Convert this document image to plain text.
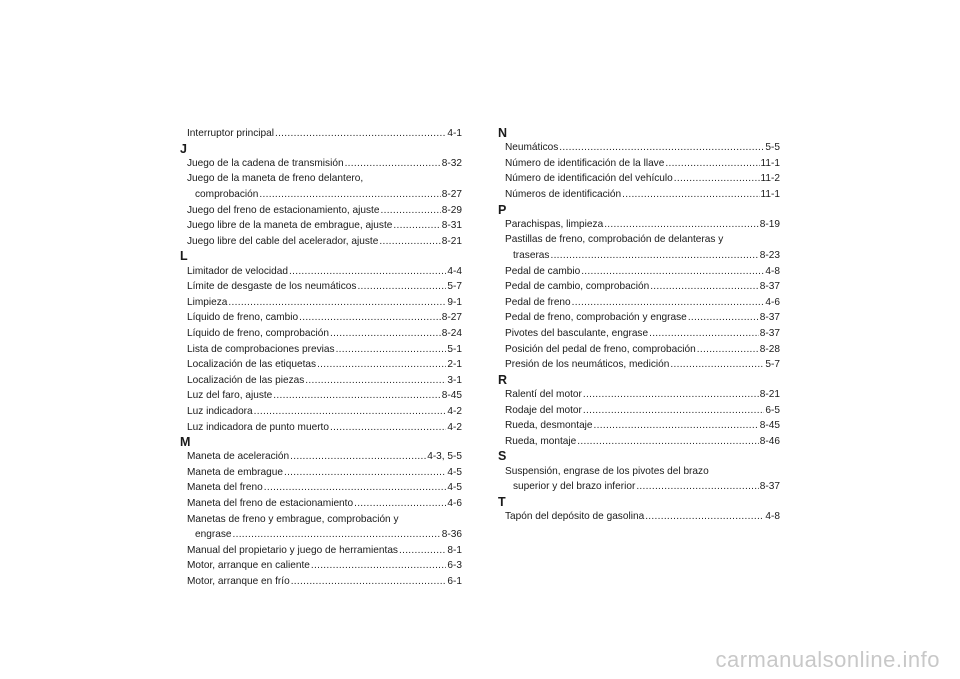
Interruptor principal .....	4-1
J
Juego de la cadena de transmisión .....	8-32
Juego de la maneta de freno delantero,
comprobación .....	8-27
Juego del freno de estacionamiento, ajuste .....	8-29
Juego libre de la maneta de embrague, ajuste .....	8-31
Juego libre del cable del acelerador, ajuste .....	8-21
L
Limitador de velocidad .....	4-4
Límite de desgaste de los neumáticos .....	5-7
Limpieza .....	9-1
Líquido de freno, cambio .....	8-27
Líquido de freno, comprobación .....	8-24
Lista de comprobaciones previas .....	5-1
Localización de las etiquetas .....	2-1
Localización de las piezas .....	3-1
Luz del faro, ajuste .....	8-45
Luz indicadora .....	4-2
Luz indicadora de punto muerto .....	4-2
M
Maneta de aceleración .....	4-3, 5-5
Maneta de embrague .....	4-5
Maneta del freno .....	4-5
Maneta del freno de estacionamiento .....	4-6
Manetas de freno y embrague, comprobación y
engrase .....	8-36
Manual del propietario y juego de herramientas .....	8-1
Motor, arranque en caliente .....	6-3
Motor, arranque en frío .....	6-1
N
Neumáticos .....	5-5
Número de identificación de la llave .....	11-1
Número de identificación del vehículo .....	11-2
Números de identificación .....	11-1
P
Parachispas, limpieza .....	8-19
Pastillas de freno, comprobación de delanteras y
traseras .....	8-23
Pedal de cambio .....	4-8
Pedal de cambio, comprobación .....	8-37
Pedal de freno .....	4-6
Pedal de freno, comprobación y engrase .....	8-37
Pivotes del basculante, engrase .....	8-37
Posición del pedal de freno, comprobación .....	8-28
Presión de los neumáticos, medición .....	5-7
R
Ralentí del motor .....	8-21
Rodaje del motor .....	6-5
Rueda, desmontaje .....	8-45
Rueda, montaje .....	8-46
S
Suspensión, engrase de los pivotes del brazo
superior y del brazo inferior .....	8-37
T
Tapón del depósito de gasolina .....	4-8
carmanualsonline.info
